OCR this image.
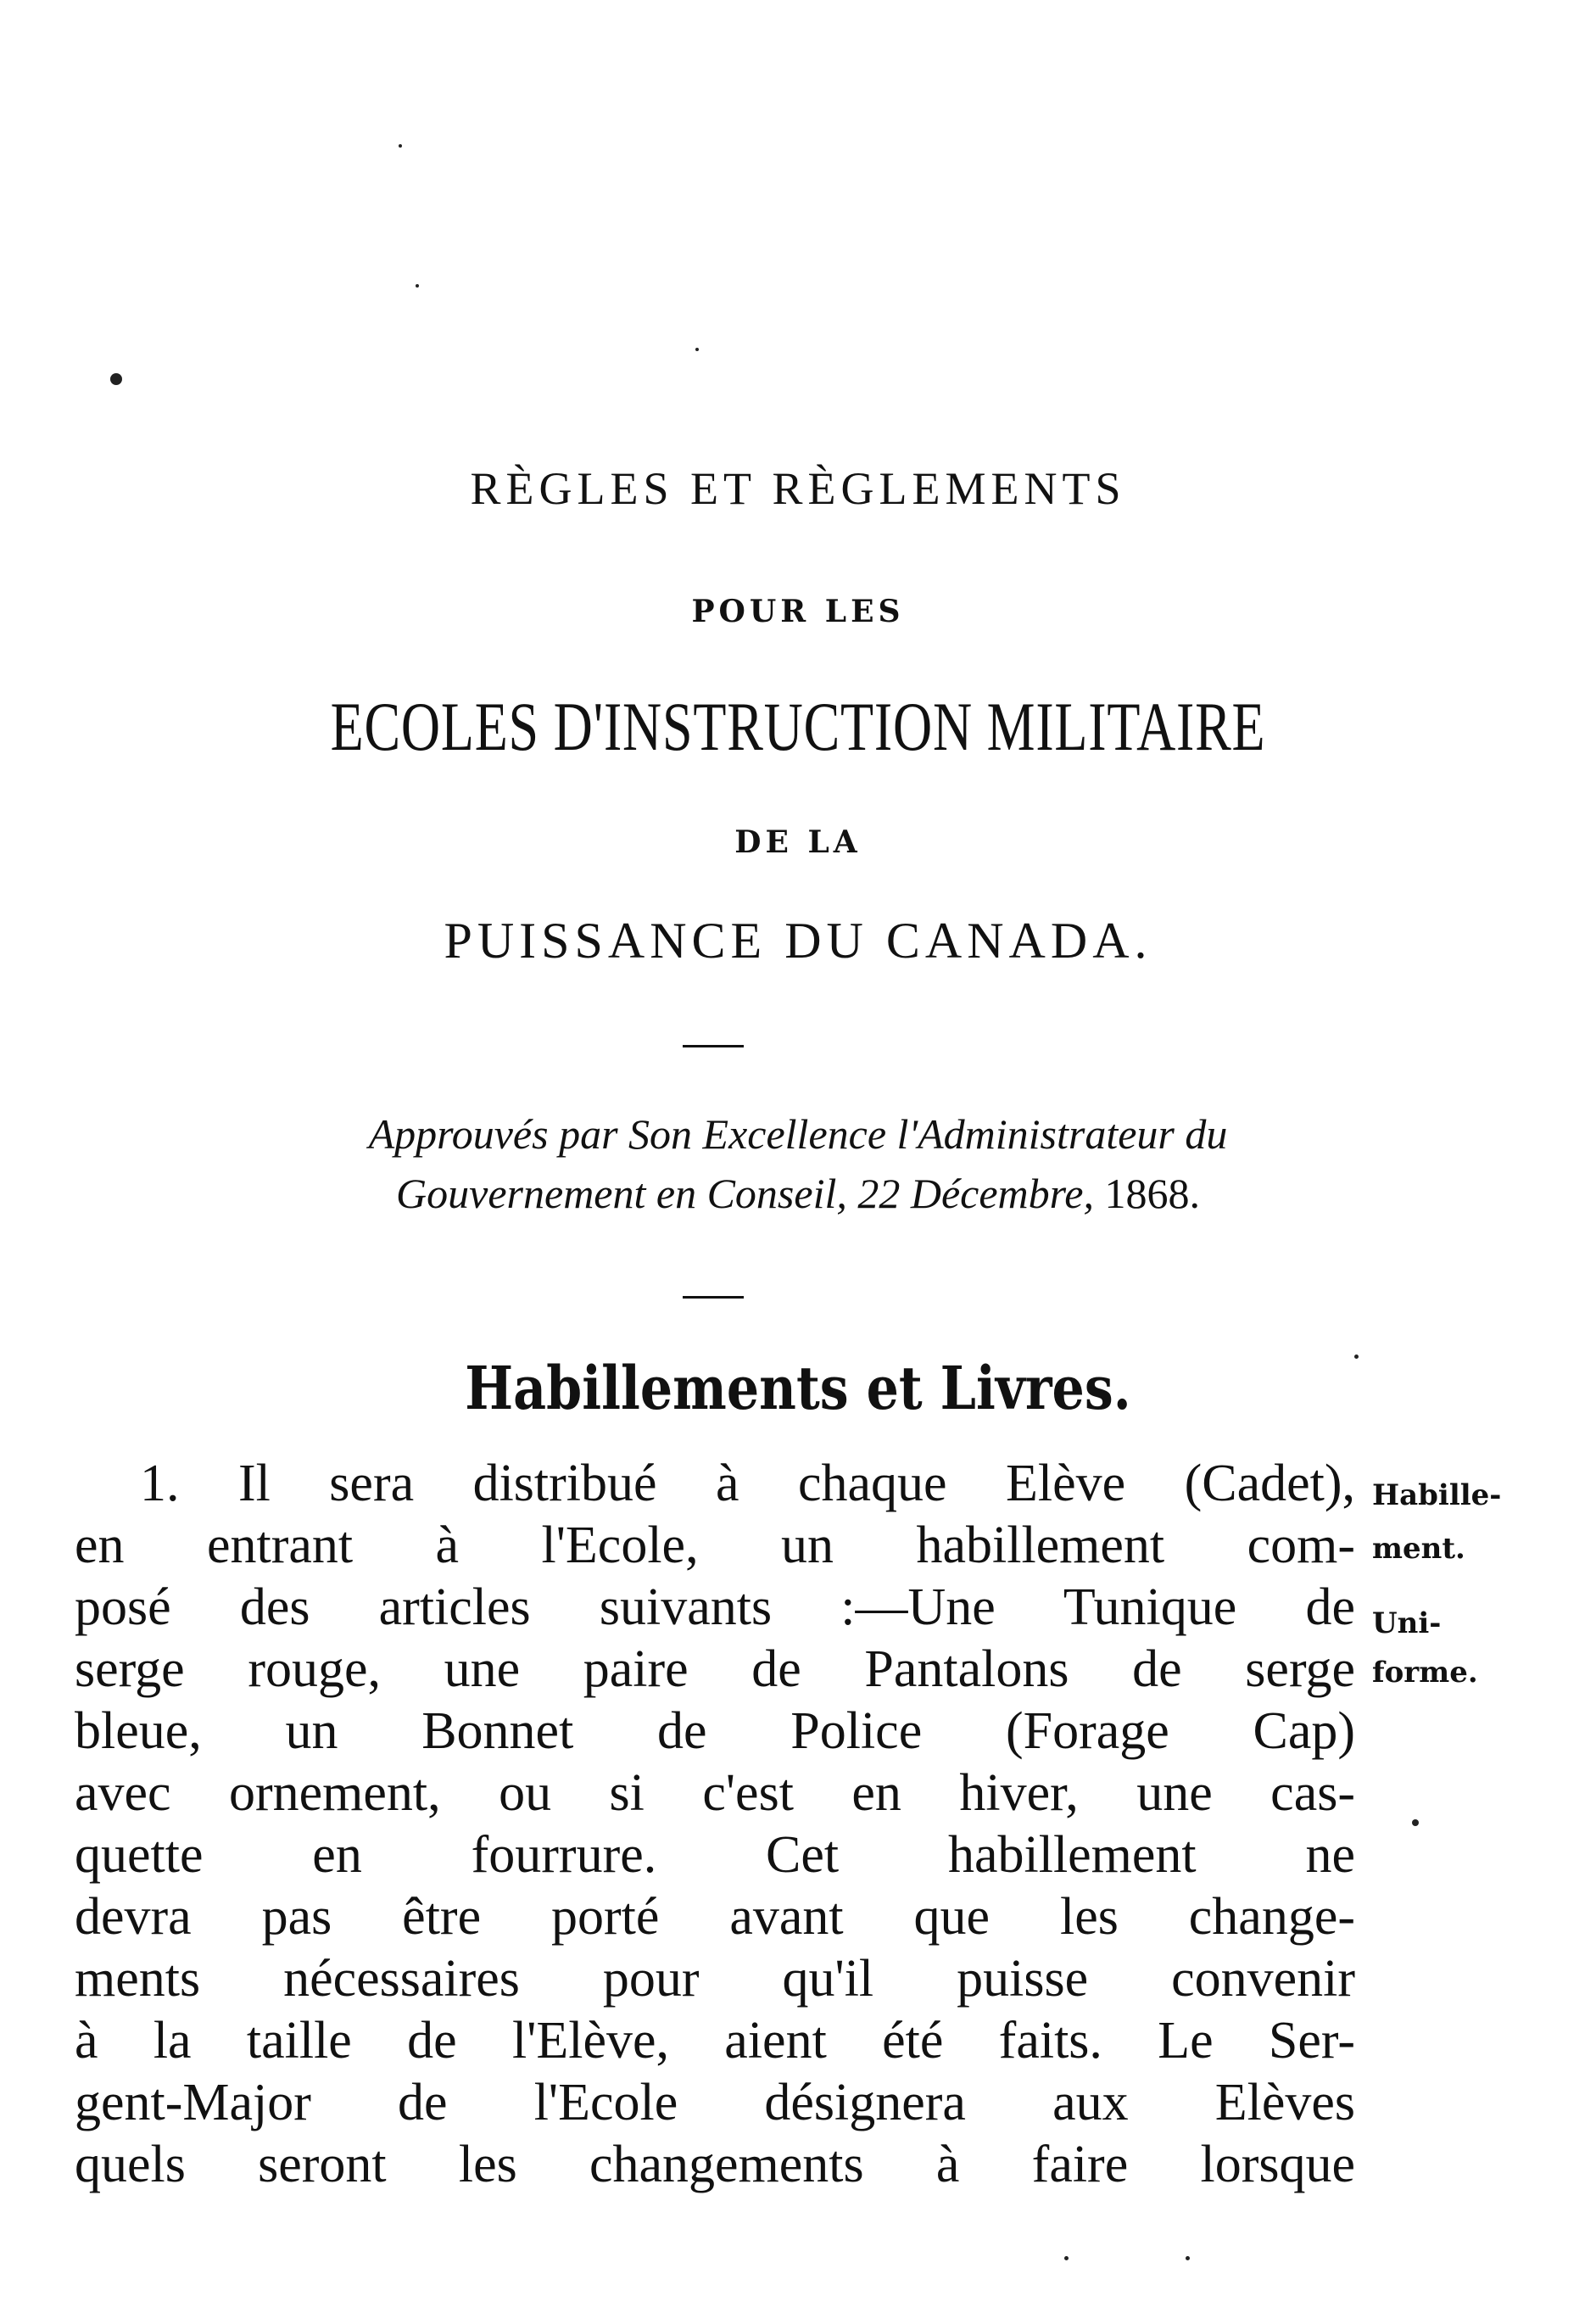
RÈGLES ET RÈGLEMENTS
POUR LES
ECOLES D'INSTRUCTION MILITAIRE
DE LA
PUISSANCE DU CANADA.
Approuvés par Son Excellence l'Administrateur du
Gouvernement en Conseil, 22 Décembre, 1868.
Habillements et Livres.
1. Il sera distribué à chaque Elève (Cadet),
en entrant à l'Ecole, un habillement com-
posé des articles suivants :—Une Tunique de
serge rouge, une paire de Pantalons de serge
bleue, un Bonnet de Police (Forage Cap)
avec ornement, ou si c'est en hiver, une cas-
quette en fourrure. Cet habillement ne
devra pas être porté avant que les change-
ments nécessaires pour qu'il puisse convenir
à la taille de l'Elève, aient été faits. Le Ser-
gent-Major de l'Ecole désignera aux Elèves
quels seront les changements à faire lorsque
Habille-
ment.
Uni-
forme.
